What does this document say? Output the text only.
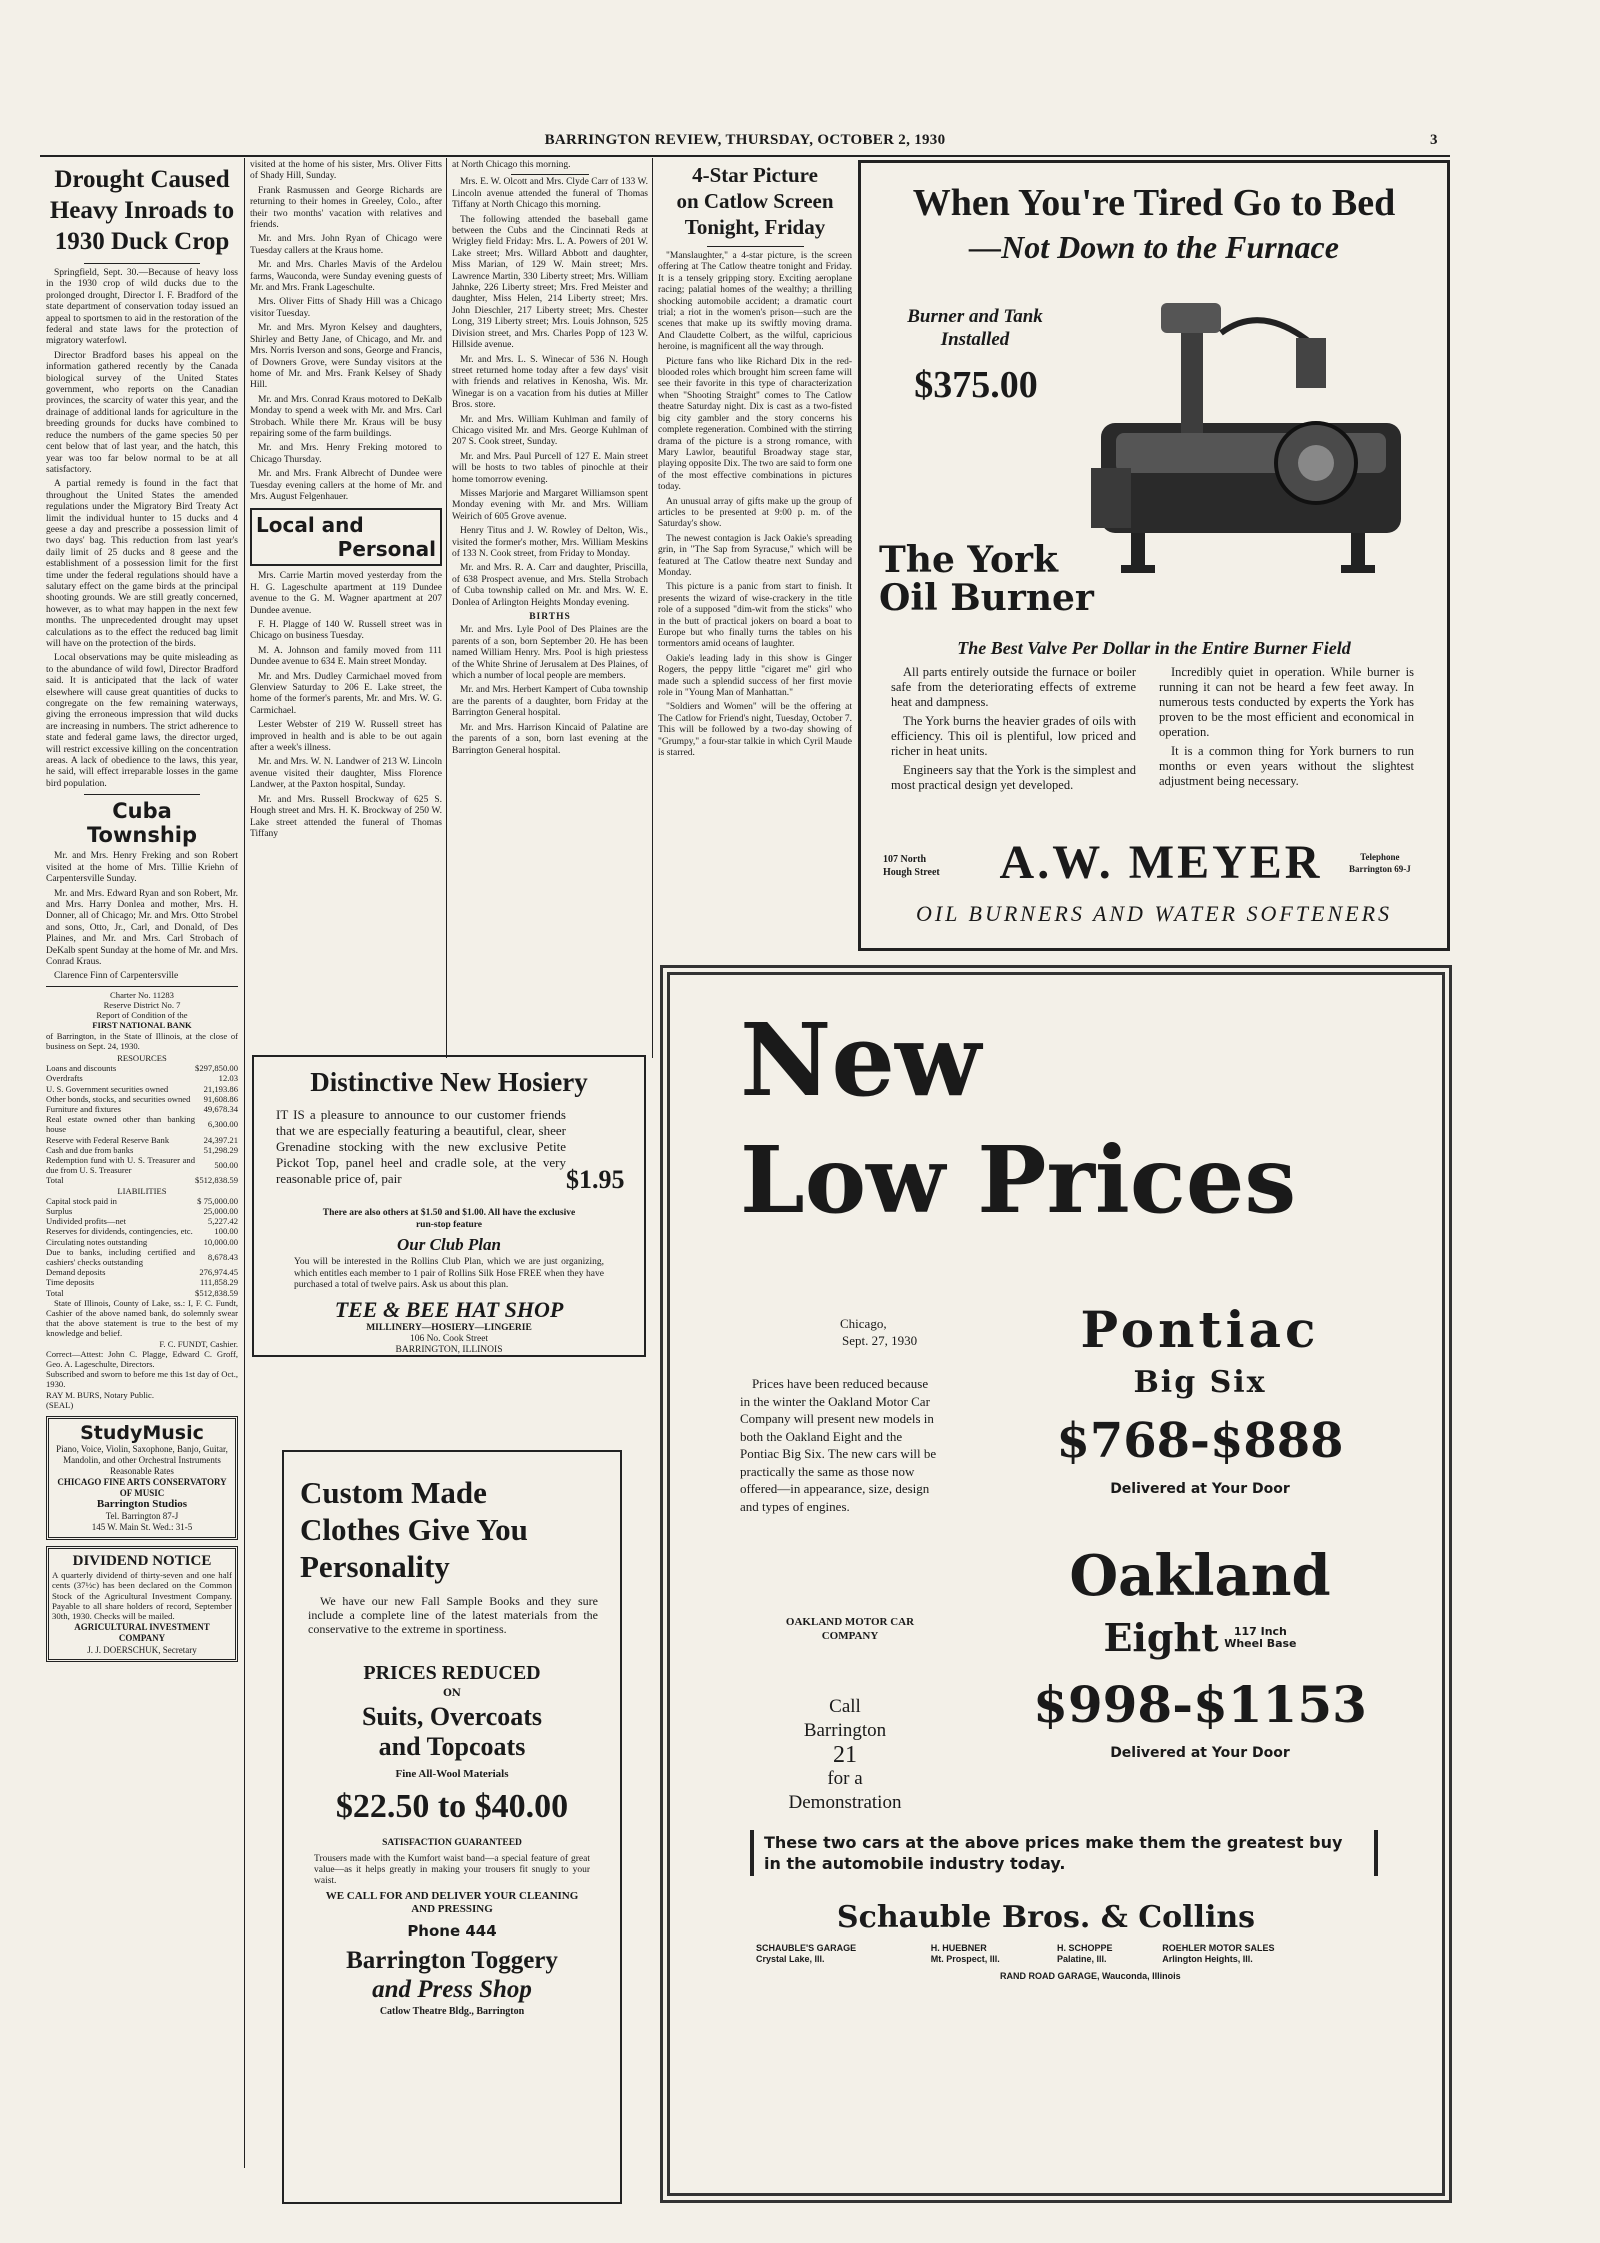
BARRINGTON REVIEW, THURSDAY, OCTOBER 2, 1930	3
Drought Caused
Heavy Inroads to
1930 Duck Crop

Springfield, Sept. 30.—Because of heavy loss in the 1930 crop of wild ducks due to the prolonged drought, Director I. F. Bradford of the state department of conservation today issued an appeal to sportsmen to aid in the restoration of the federal and state laws for the protection of migratory waterfowl.

Director Bradford bases his appeal on the information gathered recently by the Canada biological survey of the United States government, who reports on the Canadian provinces, the scarcity of water this year, and the drainage of additional lands for agriculture in the breeding grounds for ducks have combined to reduce the numbers of the game species 50 per cent below that of last year, and the hatch, this year was too far below normal to be at all satisfactory.

A partial remedy is found in the fact that throughout the United States the amended regulations under the Migratory Bird Treaty Act limit the individual hunter to 15 ducks and 4 geese a day and prescribe a possession limit of two days' bag. This reduction from last year's daily limit of 25 ducks and 8 geese and the establishment of a possession limit for the first time under the federal regulations should have a salutary effect on the game birds at the principal shooting grounds. We are still greatly concerned, however, as to what may happen in the next few months. The unprecedented drought may upset calculations as to the effect the reduced bag limit will have on the protection of the birds.

Local observations may be quite misleading as to the abundance of wild fowl, Director Bradford said. It is anticipated that the lack of water elsewhere will cause great quantities of ducks to congregate on the few remaining waterways, giving the erroneous impression that wild ducks are increasing in numbers. The strict adherence to state and federal game laws, the director urged, will restrict excessive killing on the concentration areas. A lack of obedience to the laws, this year, he said, will effect irreparable losses in the game bird population.

Cuba
Township

Mr. and Mrs. Henry Freking and son Robert visited at the home of Mrs. Tillie Kriehn of Carpentersville Sunday.

Mr. and Mrs. Edward Ryan and son Robert, Mr. and Mrs. Harry Donlea and mother, Mrs. H. Donner, all of Chicago; Mr. and Mrs. Otto Strobel and sons, Otto, Jr., Carl, and Donald, of Des Plaines, and Mr. and Mrs. Carl Strobach of DeKalb spent Sunday at the home of Mr. and Mrs. Conrad Kraus.

Clarence Finn of Carpentersville

Charter No. 11283
Reserve District No. 7
Report of Condition of the
FIRST NATIONAL BANK
of Barrington, in the State of Illinois, at the close of business on Sept. 24, 1930.
RESOURCES
Loans and discounts	$297,850.00
Overdrafts	12.03
U. S. Government securities owned	21,193.86
Other bonds, stocks, and securities owned	91,608.86
Furniture and fixtures	49,678.34
Real estate owned other than banking house	6,300.00
Reserve with Federal Reserve Bank	24,397.21
Cash and due from banks	51,298.29
Redemption fund with U. S. Treasurer and due from U. S. Treasurer	500.00
Total	$512,838.59
LIABILITIES
Capital stock paid in	$ 75,000.00
Surplus	25,000.00
Undivided profits—net	5,227.42
Reserves for dividends, contingencies, etc.	100.00
Circulating notes outstanding	10,000.00
Due to banks, including certified and cashiers' checks outstanding	8,678.43
Demand deposits	276,974.45
Time deposits	111,858.29
Total	$512,838.59
State of Illinois, County of Lake, ss.: I, F. C. Fundt, Cashier of the above named bank, do solemnly swear that the above statement is true to the best of my knowledge and belief.
F. C. FUNDT, Cashier.
Correct—Attest: John C. Plagge, Edward C. Groff, Geo. A. Lageschulte, Directors.
Subscribed and sworn to before me this 1st day of Oct., 1930.
RAY M. BURS, Notary Public.
(SEAL)
StudyMusic
Piano, Voice, Violin, Saxophone, Banjo, Guitar, Mandolin, and other Orchestral Instruments
Reasonable Rates
CHICAGO FINE ARTS CONSERVATORY OF MUSIC
Barrington Studios
Tel. Barrington 87-J
145 W. Main St. Wed.: 31-5
DIVIDEND NOTICE
A quarterly dividend of thirty-seven and one half cents (37½c) has been declared on the Common Stock of the Agricultural Investment Company. Payable to all share holders of record, September 30th, 1930. Checks will be mailed.
AGRICULTURAL INVESTMENT COMPANY
J. J. DOERSCHUK, Secretary

visited at the home of his sister, Mrs. Oliver Fitts of Shady Hill, Sunday.

Frank Rasmussen and George Richards are returning to their homes in Greeley, Colo., after their two months' vacation with relatives and friends.

Mr. and Mrs. John Ryan of Chicago were Tuesday callers at the Kraus home.

Mr. and Mrs. Charles Mavis of the Ardelou farms, Wauconda, were Sunday evening guests of Mr. and Mrs. Frank Lageschulte.

Mrs. Oliver Fitts of Shady Hill was a Chicago visitor Tuesday.

Mr. and Mrs. Myron Kelsey and daughters, Shirley and Betty Jane, of Chicago, and Mr. and Mrs. Norris Iverson and sons, George and Francis, of Downers Grove, were Sunday visitors at the home of Mr. and Mrs. Frank Kelsey of Shady Hill.

Mr. and Mrs. Conrad Kraus motored to DeKalb Monday to spend a week with Mr. and Mrs. Carl Strobach. While there Mr. Kraus will be busy repairing some of the farm buildings.

Mr. and Mrs. Henry Freking motored to Chicago Thursday.

Mr. and Mrs. Frank Albrecht of Dundee were Tuesday evening callers at the home of Mr. and Mrs. August Felgenhauer.

Local and
Personal

Mrs. Carrie Martin moved yesterday from the H. G. Lageschulte apartment at 119 Dundee avenue to the G. M. Wagner apartment at 207 Dundee avenue.

F. H. Plagge of 140 W. Russell street was in Chicago on business Tuesday.

M. A. Johnson and family moved from 111 Dundee avenue to 634 E. Main street Monday.

Mr. and Mrs. Dudley Carmichael moved from Glenview Saturday to 206 E. Lake street, the home of the former's parents, Mr. and Mrs. W. G. Carmichael.

Lester Webster of 219 W. Russell street has improved in health and is able to be out again after a week's illness.

Mr. and Mrs. W. N. Landwer of 213 W. Lincoln avenue visited their daughter, Miss Florence Landwer, at the Paxton hospital, Sunday.

Mr. and Mrs. Russell Brockway of 625 S. Hough street and Mrs. H. K. Brockway of 250 W. Lake street attended the funeral of Thomas Tiffany

at North Chicago this morning.

Mrs. E. W. Olcott and Mrs. Clyde Carr of 133 W. Lincoln avenue attended the funeral of Thomas Tiffany at North Chicago this morning.

The following attended the baseball game between the Cubs and the Cincinnati Reds at Wrigley field Friday: Mrs. L. A. Powers of 201 W. Lake street; Mrs. Willard Abbott and daughter, Miss Marian, of 129 W. Main street; Mrs. Lawrence Martin, 330 Liberty street; Mrs. William Jahnke, 226 Liberty street; Mrs. Fred Meister and daughter, Miss Helen, 214 Liberty street; Mrs. John Dieschler, 217 Liberty street; Mrs. Chester Long, 319 Liberty street; Mrs. Louis Johnson, 525 Division street, and Mrs. Charles Popp of 123 W. Hillside avenue.

Mr. and Mrs. L. S. Winecar of 536 N. Hough street returned home today after a few days' visit with friends and relatives in Kenosha, Wis. Mr. Winegar is on a vacation from his duties at Miller Bros. store.

Mr. and Mrs. William Kuhlman and family of Chicago visited Mr. and Mrs. George Kuhlman of 207 S. Cook street, Sunday.

Mr. and Mrs. Paul Purcell of 127 E. Main street will be hosts to two tables of pinochle at their home tomorrow evening.

Misses Marjorie and Margaret Williamson spent Monday evening with Mr. and Mrs. William Weirich of 605 Grove avenue.

Henry Titus and J. W. Rowley of Delton, Wis., visited the former's mother, Mrs. William Meskins of 133 N. Cook street, from Friday to Monday.

Mr. and Mrs. R. A. Carr and daughter, Priscilla, of 638 Prospect avenue, and Mrs. Stella Strobach of Cuba township called on Mr. and Mrs. W. E. Donlea of Arlington Heights Monday evening.

BIRTHS

Mr. and Mrs. Lyle Pool of Des Plaines are the parents of a son, born September 20. He has been named William Henry. Mrs. Pool is high priestess of the White Shrine of Jerusalem at Des Plaines, of which a number of local people are members.

Mr. and Mrs. Herbert Kampert of Cuba township are the parents of a daughter, born Friday at the Barrington General hospital.

Mr. and Mrs. Harrison Kincaid of Palatine are the parents of a son, born last evening at the Barrington General hospital.

4-Star Picture
on Catlow Screen
Tonight, Friday

"Manslaughter," a 4-star picture, is the screen offering at The Catlow theatre tonight and Friday. It is a tensely gripping story. Exciting aeroplane racing; palatial homes of the wealthy; a thrilling shocking automobile accident; a dramatic court trial; a riot in the women's prison—such are the scenes that make up its swiftly moving drama. And Claudette Colbert, as the wilful, capricious heroine, is magnificent all the way through.

Picture fans who like Richard Dix in the red-blooded roles which brought him screen fame will see their favorite in this type of characterization when "Shooting Straight" comes to The Catlow theatre Saturday night. Dix is cast as a two-fisted big city gambler and the story concerns his complete regeneration. Combined with the stirring drama of the picture is a strong romance, with Mary Lawlor, beautiful Broadway stage star, playing opposite Dix. The two are said to form one of the most effective combinations in pictures today.

An unusual array of gifts make up the group of articles to be presented at 9:00 p. m. of the Saturday's show.

The newest contagion is Jack Oakie's spreading grin, in "The Sap from Syracuse," which will be featured at The Catlow theatre next Sunday and Monday.

This picture is a panic from start to finish. It presents the wizard of wise-crackery in the title role of a supposed "dim-wit from the sticks" who in the butt of practical jokers on board a boat to Europe but who finally turns the tables on his tormentors amid oceans of laughter.

Oakie's leading lady in this show is Ginger Rogers, the peppy little "cigaret me" girl who made such a splendid success of her first movie role in "Young Man of Manhattan."

"Soldiers and Women" will be the offering at The Catlow for Friend's night, Tuesday, October 7. This will be followed by a two-day showing of "Grumpy," a four-star talkie in which Cyril Maude is starred.

When You're Tired Go to Bed
—Not Down to the Furnace
Burner and Tank
Installed
$375.00
The York
Oil Burner
The Best Valve Per Dollar in the Entire Burner Field

All parts entirely outside the furnace or boiler safe from the deteriorating effects of extreme heat and dampness.

The York burns the heavier grades of oils with efficiency. This oil is plentiful, low priced and richer in heat units.

Engineers say that the York is the simplest and most practical design yet developed.

Incredibly quiet in operation. While burner is running it can not be heard a few feet away. In numerous tests conducted by experts the York has proven to be the most efficient and economical in operation.

It is a common thing for York burners to run months or even years without the slightest adjustment being necessary.

107 North
Hough Street	A.W. MEYER	Telephone
Barrington 69-J
OIL BURNERS AND WATER SOFTENERS
Distinctive New Hosiery
IT IS a pleasure to announce to our customer friends that we are especially featuring a beautiful, clear, sheer Grenadine stocking with the new exclusive Petite Pickot Top, panel heel and cradle sole, at the very reasonable price of, pair	$1.95
There are also others at $1.50 and $1.00. All have the exclusive run-stop feature
Our Club Plan
You will be interested in the Rollins Club Plan, which we are just organizing, which entitles each member to 1 pair of Rollins Silk Hose FREE when they have purchased a total of twelve pairs. Ask us about this plan.
TEE & BEE HAT SHOP
MILLINERY—HOSIERY—LINGERIE
106 No. Cook Street
BARRINGTON, ILLINOIS
Custom Made
Clothes Give You
Personality
We have our new Fall Sample Books and they sure include a complete line of the latest materials from the conservative to the extreme in sportiness.
PRICES REDUCED
ON
Suits, Overcoats
and Topcoats
Fine All-Wool Materials
$22.50 to $40.00
SATISFACTION GUARANTEED
Trousers made with the Kumfort waist band—a special feature of great value—as it helps greatly in making your trousers fit snugly to your waist.
WE CALL FOR AND DELIVER YOUR CLEANING AND PRESSING
Phone 444
Barrington Toggery
and Press Shop
Catlow Theatre Bldg., Barrington
New
Low Prices
Chicago,
Sept. 27, 1930
Prices have been reduced because in the winter the Oakland Motor Car Company will present new models in both the Oakland Eight and the Pontiac Big Six. The new cars will be practically the same as those now offered—in appearance, size, design and types of engines.
OAKLAND MOTOR CAR
COMPANY
Call
Barrington
21
for a
Demonstration
Pontiac
Big Six
$768-$888
Delivered at Your Door
Oakland
Eight	117 Inch
Wheel Base
$998-$1153
Delivered at Your Door
These two cars at the above prices make them the greatest buy in the automobile industry today.
Schauble Bros. & Collins
SCHAUBLE'S GARAGE	H. HUEBNER	H. SCHOPPE	ROEHLER MOTOR SALES
Crystal Lake, Ill.	Mt. Prospect, Ill.	Palatine, Ill.	Arlington Heights, Ill.
RAND ROAD GARAGE, Wauconda, Illinois
